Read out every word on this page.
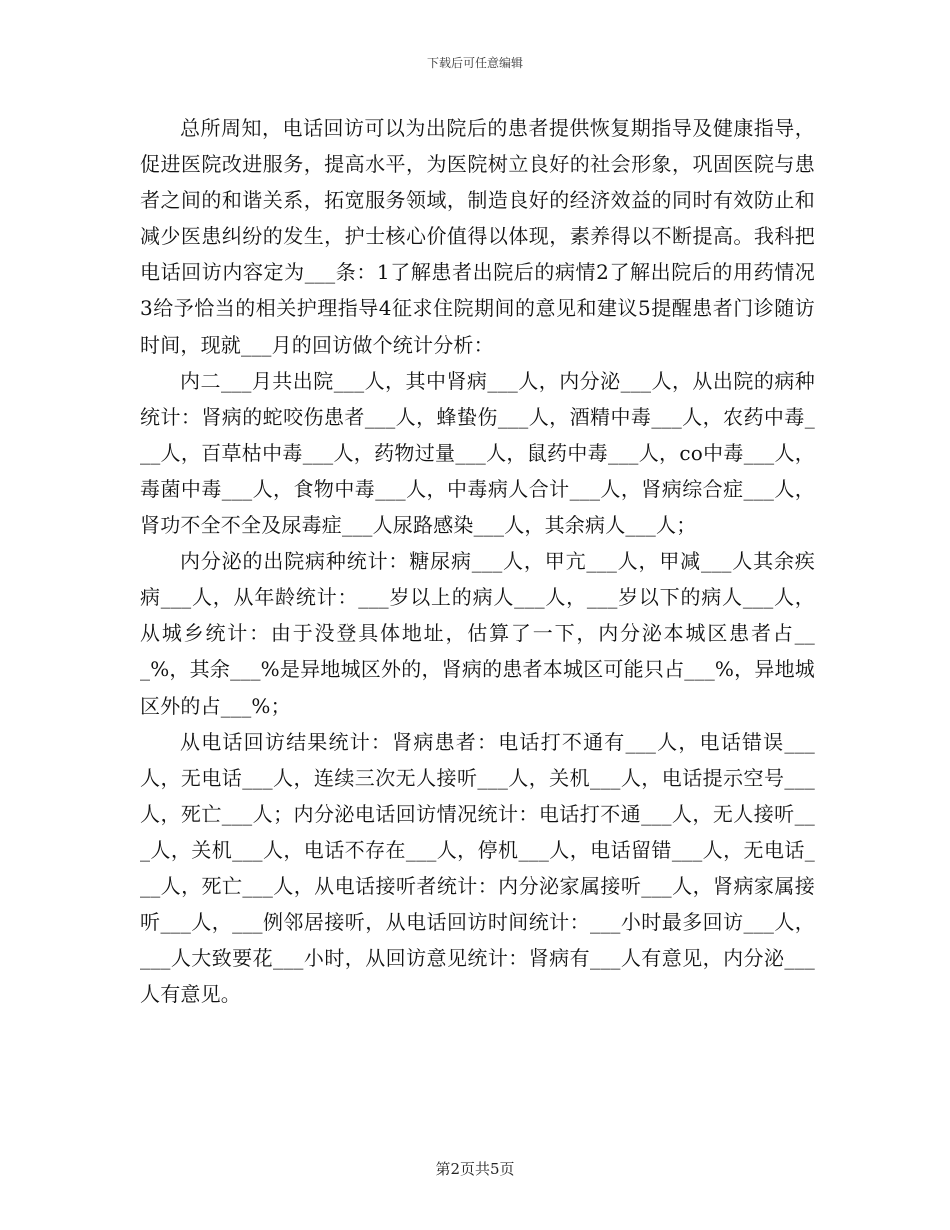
下载后可任意编辑

总所周知，电话回访可以为出院后的患者提供恢复期指导及健康指导，促进医院改进服务，提高水平，为医院树立良好的社会形象，巩固医院与患者之间的和谐关系，拓宽服务领域，制造良好的经济效益的同时有效防止和减少医患纠纷的发生，护士核心价值得以体现，素养得以不断提高。我科把电话回访内容定为___条：1了解患者出院后的病情2了解出院后的用药情况3给予恰当的相关护理指导4征求住院期间的意见和建议5提醒患者门诊随访时间，现就___月的回访做个统计分析：

内二___月共出院___人，其中肾病___人，内分泌___人，从出院的病种统计：肾病的蛇咬伤患者___人，蜂蛰伤___人，酒精中毒___人，农药中毒___人，百草枯中毒___人，药物过量___人，鼠药中毒___人，co中毒___人，毒菌中毒___人，食物中毒___人，中毒病人合计___人，肾病综合症___人，肾功不全不全及尿毒症___人尿路感染___人，其余病人___人；

内分泌的出院病种统计：糖尿病___人，甲亢___人，甲减___人其余疾病___人，从年龄统计：___岁以上的病人___人，___岁以下的病人___人，从城乡统计：由于没登具体地址，估算了一下，内分泌本城区患者占___%，其余___%是异地城区外的，肾病的患者本城区可能只占___%，异地城区外的占___%；

从电话回访结果统计：肾病患者：电话打不通有___人，电话错误___人，无电话___人，连续三次无人接听___人，关机___人，电话提示空号___人，死亡___人；内分泌电话回访情况统计：电话打不通___人，无人接听___人，关机___人，电话不存在___人，停机___人，电话留错___人，无电话___人，死亡___人，从电话接听者统计：内分泌家属接听___人，肾病家属接听___人，___例邻居接听，从电话回访时间统计：___小时最多回访___人，___人大致要花___小时，从回访意见统计：肾病有___人有意见，内分泌___人有意见。

第2页共5页
